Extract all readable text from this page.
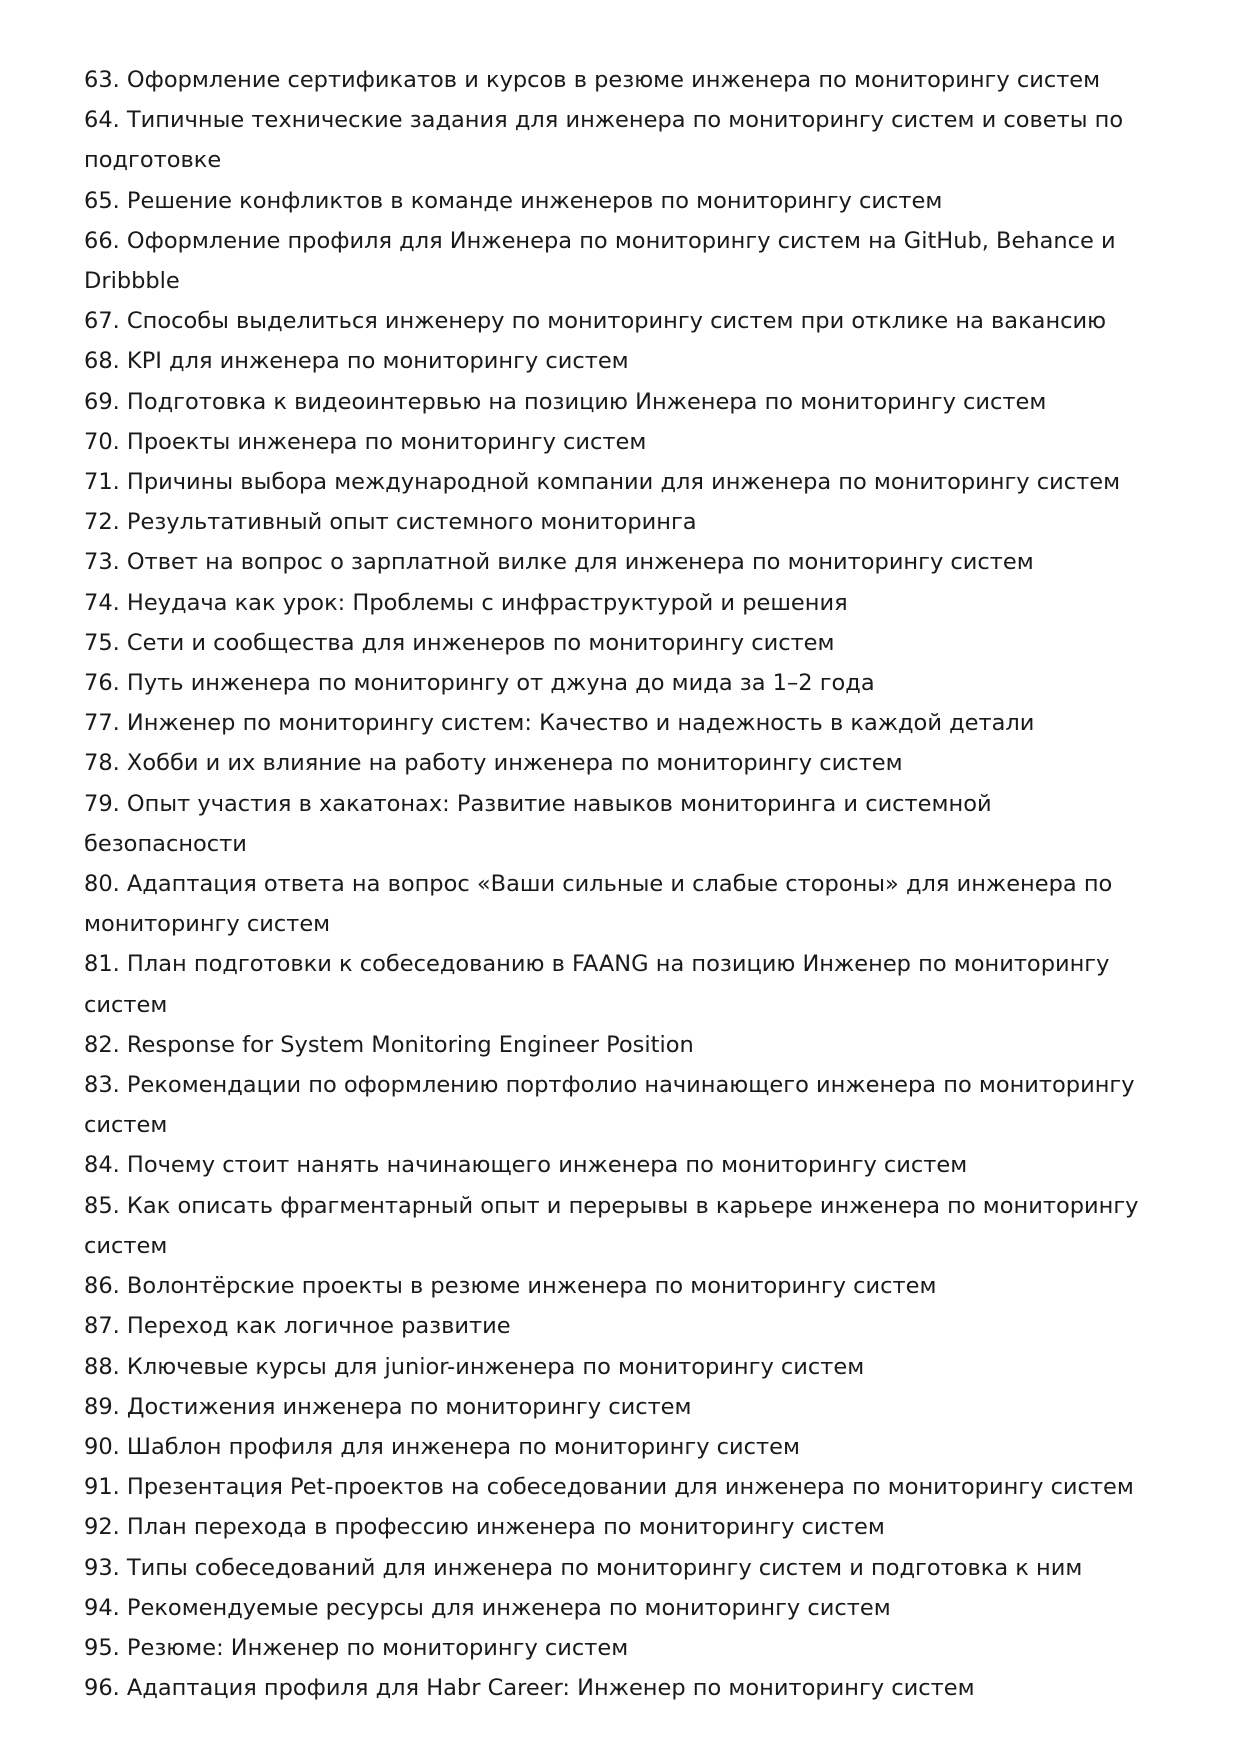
63. Оформление сертификатов и курсов в резюме инженера по мониторингу систем
64. Типичные технические задания для инженера по мониторингу систем и советы по подготовке
65. Решение конфликтов в команде инженеров по мониторингу систем
66. Оформление профиля для Инженера по мониторингу систем на GitHub, Behance и Dribbble
67. Способы выделиться инженеру по мониторингу систем при отклике на вакансию
68. KPI для инженера по мониторингу систем
69. Подготовка к видеоинтервью на позицию Инженера по мониторингу систем
70. Проекты инженера по мониторингу систем
71. Причины выбора международной компании для инженера по мониторингу систем
72. Результативный опыт системного мониторинга
73. Ответ на вопрос о зарплатной вилке для инженера по мониторингу систем
74. Неудача как урок: Проблемы с инфраструктурой и решения
75. Сети и сообщества для инженеров по мониторингу систем
76. Путь инженера по мониторингу от джуна до мида за 1–2 года
77. Инженер по мониторингу систем: Качество и надежность в каждой детали
78. Хобби и их влияние на работу инженера по мониторингу систем
79. Опыт участия в хакатонах: Развитие навыков мониторинга и системной безопасности
80. Адаптация ответа на вопрос «Ваши сильные и слабые стороны» для инженера по мониторингу систем
81. План подготовки к собеседованию в FAANG на позицию Инженер по мониторингу систем
82. Response for System Monitoring Engineer Position
83. Рекомендации по оформлению портфолио начинающего инженера по мониторингу систем
84. Почему стоит нанять начинающего инженера по мониторингу систем
85. Как описать фрагментарный опыт и перерывы в карьере инженера по мониторингу систем
86. Волонтёрские проекты в резюме инженера по мониторингу систем
87. Переход как логичное развитие
88. Ключевые курсы для junior-инженера по мониторингу систем
89. Достижения инженера по мониторингу систем
90. Шаблон профиля для инженера по мониторингу систем
91. Презентация Pet-проектов на собеседовании для инженера по мониторингу систем
92. План перехода в профессию инженера по мониторингу систем
93. Типы собеседований для инженера по мониторингу систем и подготовка к ним
94. Рекомендуемые ресурсы для инженера по мониторингу систем
95. Резюме: Инженер по мониторингу систем
96. Адаптация профиля для Habr Career: Инженер по мониторингу систем
